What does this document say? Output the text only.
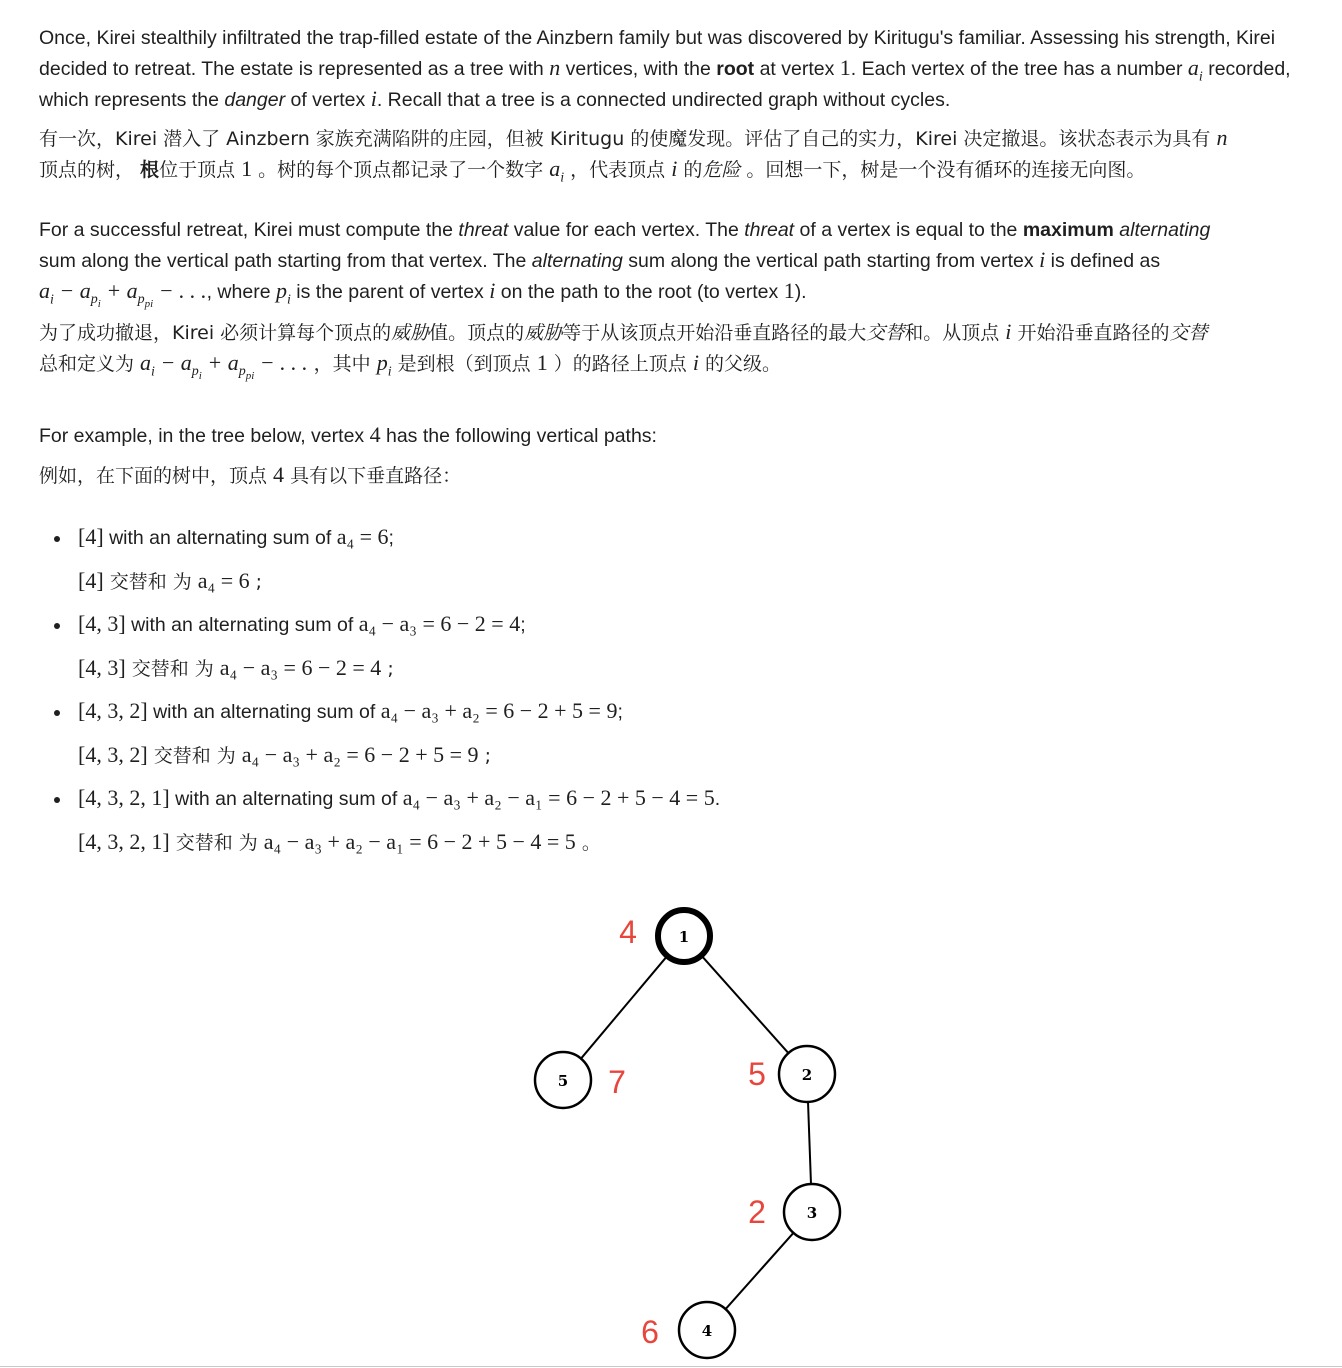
Once, Kirei stealthily infiltrated the trap-filled estate of the Ainzbern family but was discovered by Kiritugu's familiar. Assessing his strength, Kirei decided to retreat. The estate is represented as a tree with n vertices, with the root at vertex 1. Each vertex of the tree has a number $a_i$ recorded, which represents the danger of vertex i. Recall that a tree is a connected undirected graph without cycles.

有一次，Kirei 潜入了 Ainzbern 家族充满陷阱的庄园，但被 Kiritugu 的使魔发现。评估了自己的实力，Kirei 决定撤退。该状态表示为具有 n
顶点的树， 根位于顶点 1 。树的每个顶点都记录了一个数字 $a_i$ ，代表顶点 i 的危险 。回想一下，树是一个没有循环的连接无向图。

For a successful retreat, Kirei must compute the threat value for each vertex. The threat of a vertex is equal to the maximum alternating
sum along the vertical path starting from that vertex. The alternating sum along the vertical path starting from vertex i is defined as
$a_i - a_{p_i} + a_{p_{pi}}$ − . . ., where $p_i$ is the parent of vertex i on the path to the root (to vertex 1).

为了成功撤退，Kirei 必须计算每个顶点的威胁值。顶点的威胁等于从该顶点开始沿垂直路径的最大交替和。从顶点 i 开始沿垂直路径的交替
总和定义为 $a_i - a_{p_i} + a_{p_{pi}}$ − . . . ，其中 $p_i$ 是到根（到顶点 1 ）的路径上顶点 i 的父级。

For example, in the tree below, vertex 4 has the following vertical paths:

例如，在下面的树中，顶点 4 具有以下垂直路径：

[4] with an alternating sum of a₄ = 6;
[4] 交替和 为 a₄ = 6 ;
[4, 3] with an alternating sum of a₄ − a₃ = 6 − 2 = 4;
[4, 3] 交替和 为 a₄ − a₃ = 6 − 2 = 4 ;
[4, 3, 2] with an alternating sum of a₄ − a₃ + a₂ = 6 − 2 + 5 = 9;
[4, 3, 2] 交替和 为 a₄ − a₃ + a₂ = 6 − 2 + 5 = 9 ;
[4, 3, 2, 1] with an alternating sum of a₄ − a₃ + a₂ − a₁ = 6 − 2 + 5 − 4 = 5.
[4, 3, 2, 1] 交替和 为 a₄ − a₃ + a₂ − a₁ = 6 − 2 + 5 − 4 = 5 。
1
4
2
5
3
2
4
6
5 7
